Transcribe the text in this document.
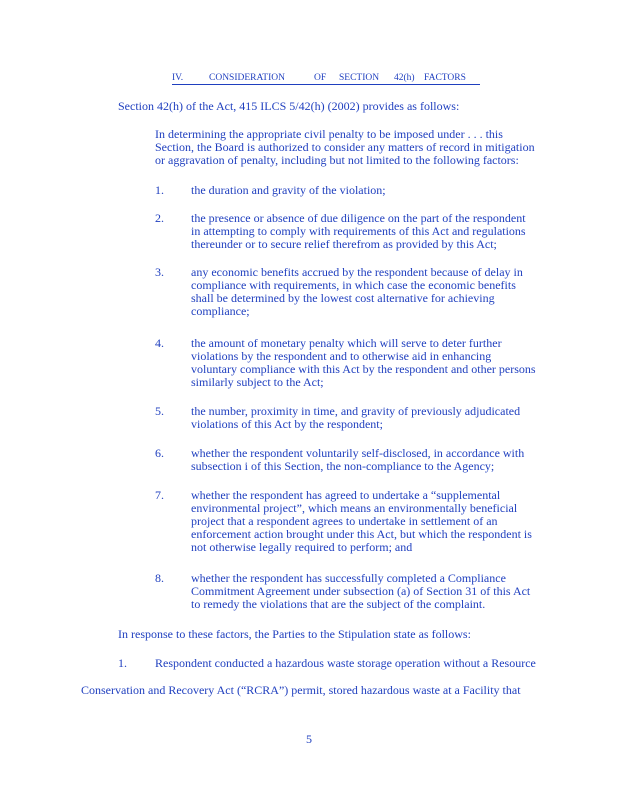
IV.	CONSIDERATION	OF	SECTION	42(h) FACTORS
Section 42(h) of the Act, 415 ILCS 5/42(h) (2002) provides as follows:
In determining the appropriate civil penalty to be imposed under . . . this
Section, the Board is authorized to consider any matters of record in mitigation
or aggravation of penalty, including but not limited to the following factors:
1. the duration and gravity of the violation;
2. the presence or absence of due diligence on the part of the respondent
in attempting to comply with requirements of this Act and regulations
thereunder or to secure relief therefrom as provided by this Act;
3. any economic benefits accrued by the respondent because of delay in
compliance with requirements, in which case the economic benefits
shall be determined by the lowest cost alternative for achieving
compliance;
4. the amount of monetary penalty which will serve to deter further
violations by the respondent and to otherwise aid in enhancing
voluntary compliance with this Act by the respondent and other persons
similarly subject to the Act;
5. the number, proximity in time, and gravity of previously adjudicated
violations of this Act by the respondent;
6. whether the respondent voluntarily self-disclosed, in accordance with
subsection i of this Section, the non-compliance to the Agency;
7. whether the respondent has agreed to undertake a “supplemental
environmental project”, which means an environmentally beneficial
project that a respondent agrees to undertake in settlement of an
enforcement action brought under this Act, but which the respondent is
not otherwise legally required to perform; and
8. whether the respondent has successfully completed a Compliance
Commitment Agreement under subsection (a) of Section 31 of this Act
to remedy the violations that are the subject of the complaint.
In response to these factors, the Parties to the Stipulation state as follows:
1. Respondent conducted a hazardous waste storage operation without a Resource
Conservation and Recovery Act (“RCRA”) permit, stored hazardous waste at a Facility that
5
